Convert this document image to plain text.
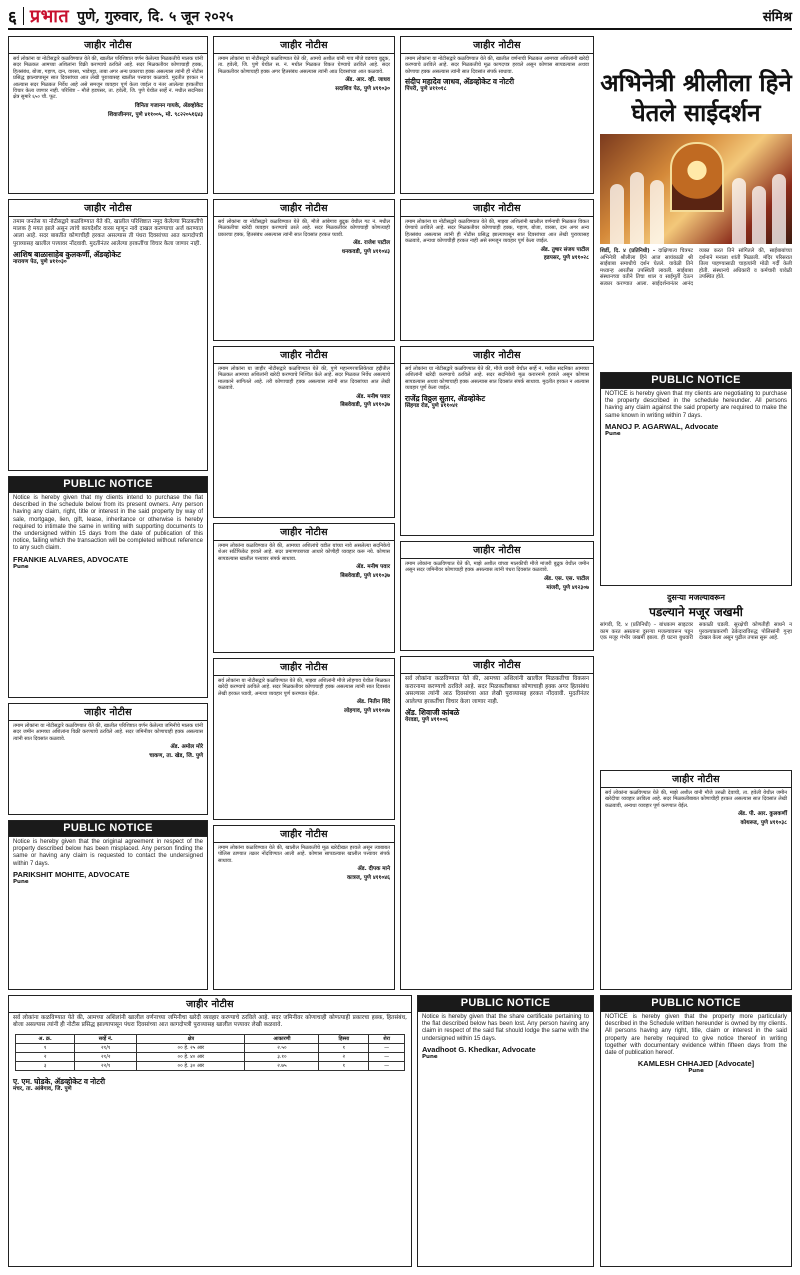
६ प्रभात पुणे, गुरुवार, दि. ५ जून २०२५	संमिश्र
जाहीर नोटीस
सर्व लोकांना या नोटीसद्वारे कळविण्यात येते की, खालील परिशिष्टात वर्णन केलेल्या मिळकतीचे मालक यांनी सदर मिळकत आमच्या अशिलांना विक्री करण्याचे ठरविले आहे. सदर मिळकतीवर कोणाचाही हक्क, हितसंबंध, बोजा, गहाण, दान, वारसा, भाडेपट्टा, ताबा अगर अन्य प्रकारचा हक्क असल्यास त्यांनी ही नोटीस प्रसिद्ध झाल्यापासून सात दिवसांच्या आत लेखी पुराव्यासह खालील पत्त्यावर कळवावे. मुदतीत हरकत न आल्यास सदर मिळकत निर्वेध आहे असे समजून व्यवहार पूर्ण केला जाईल व नंतर आलेल्या हरकतींचा विचार केला जाणार नाही. परिशिष्ट – मौजे हडपसर, ता. हवेली, जि. पुणे येथील सर्व्हे नं. मधील सदनिका क्षेत्र सुमारे ६५० चौ. फूट.
विनिता गजानन गायके, ॲडव्होकेट
शिवाजीनगर, पुणे ४११००५, मो. ९८२२०५१६४३
जाहीर नोटीस
तमाम जनतेस या नोटीसद्वारे कळविण्यात येते की, खालील परिशिष्टात नमूद केलेल्या मिळकतीचे मालक हे मयत झाले असून त्यांचे कायदेशीर वारस म्हणून नावे दाखल करण्याचा अर्ज करण्यात आला आहे. सदर बाबतीत कोणाचीही हरकत असल्यास ती पंधरा दिवसांच्या आत कागदोपत्री पुराव्यासह खालील पत्त्यावर नोंदवावी. मुदतीनंतर आलेल्या हरकतींचा विचार केला जाणार नाही.
आशिष बाळासाहेब कुलकर्णी, ॲडव्होकेट
नारायण पेठ, पुणे ४११०३०
PUBLIC NOTICE
Notice is hereby given that my clients intend to purchase the flat described in the schedule below from its present owners. Any person having any claim, right, title or interest in the said property by way of sale, mortgage, lien, gift, lease, inheritance or otherwise is hereby required to intimate the same in writing with supporting documents to the undersigned within 15 days from the date of publication of this notice, failing which the transaction will be completed without reference to any such claim.
FRANKIE ALVARES, ADVOCATE
Pune
जाहीर नोटीस
तमाम लोकांना या नोटीसद्वारे कळविण्यात येते की, खालील परिशिष्टात वर्णन केलेल्या जमिनीचे मालक यांनी सदर जमीन आमच्या अशिलांना विक्री करण्याचे ठरविले आहे. सदर जमिनीवर कोणाचाही हक्क असल्यास त्यांनी सात दिवसांत कळवावे.
ॲड. अमोल मोरे
चाकण, ता. खेड, जि. पुणे
PUBLIC NOTICE
Notice is hereby given that the original agreement in respect of the property described below has been misplaced. Any person finding the same or having any claim is requested to contact the undersigned within 7 days.
PARIKSHIT MOHITE, ADVOCATE
Pune
जाहीर नोटीस
सर्व लोकांना कळविण्यात येते की, आमच्या अशिलांनी खालील वर्णनाच्या जमिनीचा खरेदी व्यवहार करण्याचे ठरविले आहे. सदर जमिनीवर कोणाचाही कोणत्याही प्रकारचा हक्क, हितसंबंध, बोजा असल्यास त्यांनी ही नोटीस प्रसिद्ध झाल्यापासून पंधरा दिवसांच्या आत कागदोपत्री पुराव्यासह खालील पत्त्यावर लेखी कळवावे.
अ. क्र.	सर्व्हे नं.	क्षेत्र	आकारणी	हिस्सा	शेरा
१	२१/१	०० हे. २५ आर	२.५०	१	—
२	२१/२	०० हे. ४० आर	३.१०	२	—
३	२२/१	०० हे. ३० आर	२.७५	१	—
ए. एम. घोडके, ॲडव्होकेट व नोटरी
मंचर, ता. आंबेगाव, जि. पुणे
जाहीर नोटीस
तमाम लोकांना या नोटीसद्वारे कळविण्यात येते की, आमचे अशील यांनी गाव मौजे वडगाव बुद्रुक, ता. हवेली, जि. पुणे येथील स. नं. मधील मिळकत विकत घेण्याचे ठरविले आहे. सदर मिळकतीवर कोणाचाही हक्क अगर हितसंबंध असल्यास त्यांनी आठ दिवसांच्या आत कळवावे.
ॲड. आर. व्ही. जाधव
सदाशिव पेठ, पुणे ४११०३०
जाहीर नोटीस
सर्व लोकांना या नोटीसद्वारे कळविण्यात येते की, मौजे आंबेगाव बुद्रुक येथील गट नं. मधील मिळकतीचा खरेदी व्यवहार करण्याचे ठरले आहे. सदर मिळकतीवर कोणाचाही कोणत्याही प्रकारचा हक्क, हितसंबंध असल्यास त्यांनी सात दिवसांत हरकत घ्यावी.
ॲड. राजेश पाटील
धनकवडी, पुणे ४११०४३
जाहीर नोटीस
तमाम लोकांना या जाहीर नोटीसद्वारे कळविण्यात येते की, पुणे महानगरपालिकेच्या हद्दीतील मिळकत आमच्या अशिलांनी खरेदी करण्याचे निश्चित केले आहे. सदर मिळकत निर्वेध असल्याचे मालकाने सांगितले आहे. तरी कोणाचाही हक्क असल्यास त्यांनी सात दिवसांच्या आत लेखी कळवावे.
ॲड. मनीष पवार
बिबवेवाडी, पुणे ४११०३७
जाहीर नोटीस
तमाम लोकांना कळविण्यात येते की, आमच्या अशिलांचे वडील यांच्या नावे असलेल्या सदनिकेचे शेअर सर्टिफिकेट हरवले आहे. सदर प्रमाणपत्राच्या आधारे कोणीही व्यवहार करू नये. कोणास सापडल्यास खालील पत्त्यावर संपर्क साधावा.
ॲड. मनीष पवार
बिबवेवाडी, पुणे ४११०३७
जाहीर नोटीस
सर्व लोकांना या नोटीसद्वारे कळविण्यात येते की, माझ्या अशिलांनी मौजे लोहगाव येथील मिळकत खरेदी करण्याचे ठरविले आहे. सदर मिळकतीवर कोणाचाही हक्क असल्यास त्यांनी सात दिवसांत लेखी हरकत घ्यावी, अन्यथा व्यवहार पूर्ण करण्यात येईल.
ॲड. नितीन शिंदे
लोहगाव, पुणे ४११०४७
जाहीर नोटीस
तमाम लोकांना कळविण्यात येते की, खालील मिळकतीचे मूळ खरेदीखत हरवले असून त्याबाबत पोलिस ठाण्यात तक्रार नोंदविण्यात आली आहे. कोणास सापडल्यास खालील पत्त्यावर संपर्क साधावा.
ॲड. दीपक माने
कात्रज, पुणे ४११०४६
जाहीर नोटीस
तमाम लोकांना या नोटीसद्वारे कळविण्यात येते की, खालील वर्णनाची मिळकत आमच्या अशिलांनी खरेदी करण्याचे ठरविले आहे. सदर मिळकतीचे मूळ कागदपत्र हरवले असून कोणास सापडल्यास अथवा कोणाचा हक्क असल्यास त्यांनी सात दिवसांत संपर्क साधावा.
संदीप महादेव जाधव, ॲडव्होकेट व नोटरी
पिंपरी, पुणे ४११०१८
जाहीर नोटीस
तमाम लोकांना या नोटीसद्वारे कळविण्यात येते की, माझ्या अशिलांनी खालील वर्णनाची मिळकत विकत घेण्याचे ठरविले आहे. सदर मिळकतीवर कोणाचाही हक्क, गहाण, बोजा, वारसा, दान अगर अन्य हितसंबंध असल्यास त्यांनी ही नोटीस प्रसिद्ध झाल्यापासून सात दिवसांच्या आत लेखी पुराव्यासह कळवावे, अन्यथा कोणाचीही हरकत नाही असे समजून व्यवहार पूर्ण केला जाईल.
ॲड. तुषार संजय पाटील
हडपसर, पुणे ४११०२८
जाहीर नोटीस
सर्व लोकांना या नोटीसद्वारे कळविण्यात येते की, मौजे धायरी येथील सर्व्हे नं. मधील सदनिका आमच्या अशिलांनी खरेदी करण्याचे ठरविले आहे. सदर सदनिकेचे मूळ करारनामे हरवले असून कोणास सापडल्यास अथवा कोणाचाही हक्क असल्यास सात दिवसांत संपर्क साधावा. मुदतीत हरकत न आल्यास व्यवहार पूर्ण केला जाईल.
राजेंद्र विठ्ठल सुतार, ॲडव्होकेट
सिंहगड रोड, पुणे ४११०४१
जाहीर नोटीस
तमाम लोकांना कळविण्यात येते की, माझे अशील यांच्या मालकीची मौजे मांजरी बुद्रुक येथील जमीन असून सदर जमिनीवर कोणाचाही हक्क असल्यास त्यांनी पंधरा दिवसांत कळवावे.
ॲड. एस. एस. पाटील
मांजरी, पुणे ४१२३०७
जाहीर नोटीस
सर्व लोकांना कळविण्यात येते की, आमच्या अशिलांनी खालील मिळकतीचा विकसन करारनामा करण्याचे ठरविले आहे. सदर मिळकतीबाबत कोणाचाही हक्क अगर हितसंबंध असल्यास त्यांनी आठ दिवसांच्या आत लेखी पुराव्यासह हरकत नोंदवावी. मुदतीनंतर आलेल्या हरकतींचा विचार केला जाणार नाही.
ॲड. शिवाजी कांबळे
येरवडा, पुणे ४११००६
PUBLIC NOTICE
Notice is hereby given that the share certificate pertaining to the flat described below has been lost. Any person having any claim in respect of the said flat should lodge the same with the undersigned within 15 days.
Avadhoot G. Khedkar, Advocate
Pune
अभिनेत्री श्रीलीला हिने घेतले साईदर्शन
शिर्डी, दि. ४ (प्रतिनिधी) – दाक्षिणात्य चित्रपट अभिनेत्री श्रीलीला हिने आज सायंकाळी श्री साईबाबा समाधीचे दर्शन घेतले. यावेळी तिने मध्यान्ह आरतीस उपस्थिती लावली. साईबाबा संस्थानच्या वतीने तिचा शाल व साईमूर्ती देऊन सत्कार करण्यात आला. साईदर्शनानंतर आनंद व्यक्त करत तिने सांगितले की, साईबाबांच्या दर्शनाने मनाला शांती मिळाली. मंदिर परिसरात तिला पाहण्यासाठी चाहत्यांनी मोठी गर्दी केली होती. संस्थानचे अधिकारी व कर्मचारी यावेळी उपस्थित होते.
PUBLIC NOTICE
NOTICE is hereby given that my clients are negotiating to purchase the property described in the schedule hereunder. All persons having any claim against the said property are required to make the same known in writing within 7 days.
MANOJ P. AGARWAL, Advocate
Pune
दुसऱ्या मजल्यावरून
पडल्याने मजूर जखमी
सांगवी, दि. ४ (प्रतिनिधी) – बांधकाम साइटवर काम करत असताना दुसऱ्या मजल्यावरून पडून एक मजूर गंभीर जखमी झाला. ही घटना बुधवारी सकाळी घडली. सुरक्षेची कोणतीही साधने न पुरवल्याप्रकरणी ठेकेदाराविरुद्ध पोलिसांनी गुन्हा दाखल केला असून पुढील तपास सुरू आहे.
जाहीर नोटीस
सर्व लोकांना कळविण्यात येते की, माझे अशील यांनी मौजे उरुळी देवाची, ता. हवेली येथील जमीन खरेदीचा व्यवहार ठरविला आहे. सदर मिळकतीबाबत कोणाचीही हरकत असल्यास सात दिवसांत लेखी कळवावी, अन्यथा व्यवहार पूर्ण करण्यात येईल.
ॲड. पी. आर. कुलकर्णी
कोथरूड, पुणे ४११०३८
PUBLIC NOTICE
NOTICE is hereby given that the property more particularly described in the Schedule written hereunder is owned by my clients. All persons having any right, title, claim or interest in the said property are hereby required to give notice thereof in writing together with documentary evidence within fifteen days from the date of publication hereof.
KAMLESH CHHAJED [Advocate]
Pune
